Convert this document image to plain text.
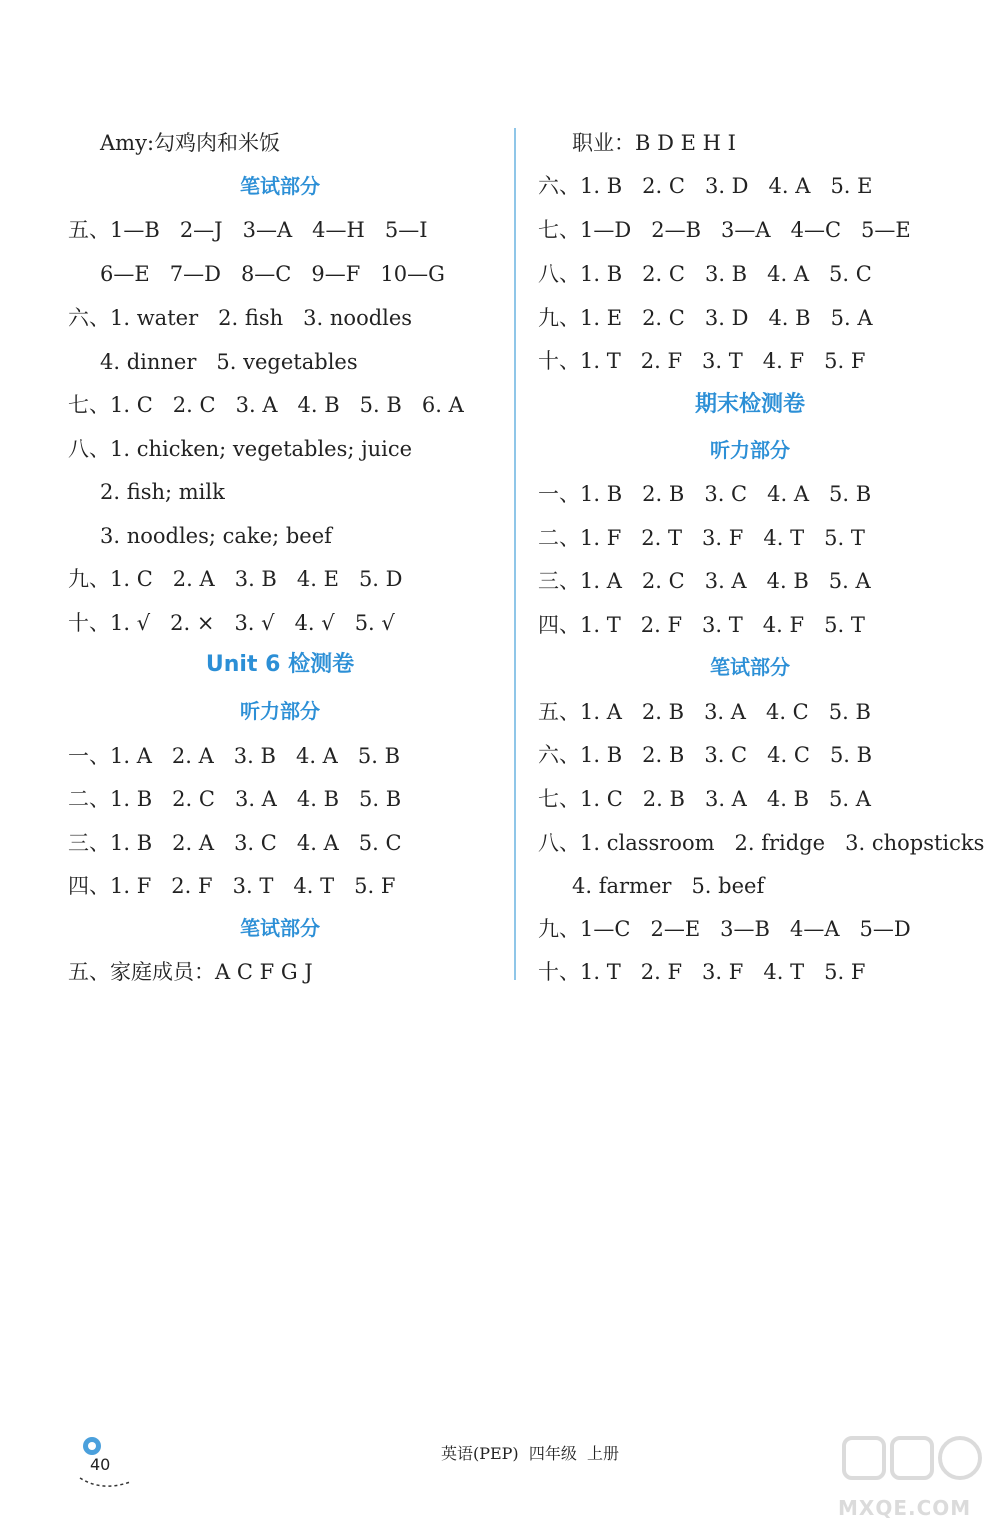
Amy:勾鸡肉和米饭
笔试部分
五、1—B   2—J   3—A   4—H   5—I
6—E   7—D   8—C   9—F   10—G
六、1. water   2. fish   3. noodles
4. dinner   5. vegetables
七、1. C   2. C   3. A   4. B   5. B   6. A
八、1. chicken; vegetables; juice
2. fish; milk
3. noodles; cake; beef
九、1. C   2. A   3. B   4. E   5. D
十、1. √   2. ×   3. √   4. √   5. √
Unit 6 检测卷
听力部分
一、1. A   2. A   3. B   4. A   5. B
二、1. B   2. C   3. A   4. B   5. B
三、1. B   2. A   3. C   4. A   5. C
四、1. F   2. F   3. T   4. T   5. F
笔试部分
五、家庭成员：A C F G J
职业：B D E H I
六、1. B   2. C   3. D   4. A   5. E
七、1—D   2—B   3—A   4—C   5—E
八、1. B   2. C   3. B   4. A   5. C
九、1. E   2. C   3. D   4. B   5. A
十、1. T   2. F   3. T   4. F   5. F
期末检测卷
听力部分
一、1. B   2. B   3. C   4. A   5. B
二、1. F   2. T   3. F   4. T   5. T
三、1. A   2. C   3. A   4. B   5. A
四、1. T   2. F   3. T   4. F   5. T
笔试部分
五、1. A   2. B   3. A   4. C   5. B
六、1. B   2. B   3. C   4. C   5. B
七、1. C   2. B   3. A   4. B   5. A
八、1. classroom   2. fridge   3. chopsticks
4. farmer   5. beef
九、1—C   2—E   3—B   4—A   5—D
十、1. T   2. F   3. F   4. T   5. F
40
英语(PEP)  四年级  上册
MXQE.COM
